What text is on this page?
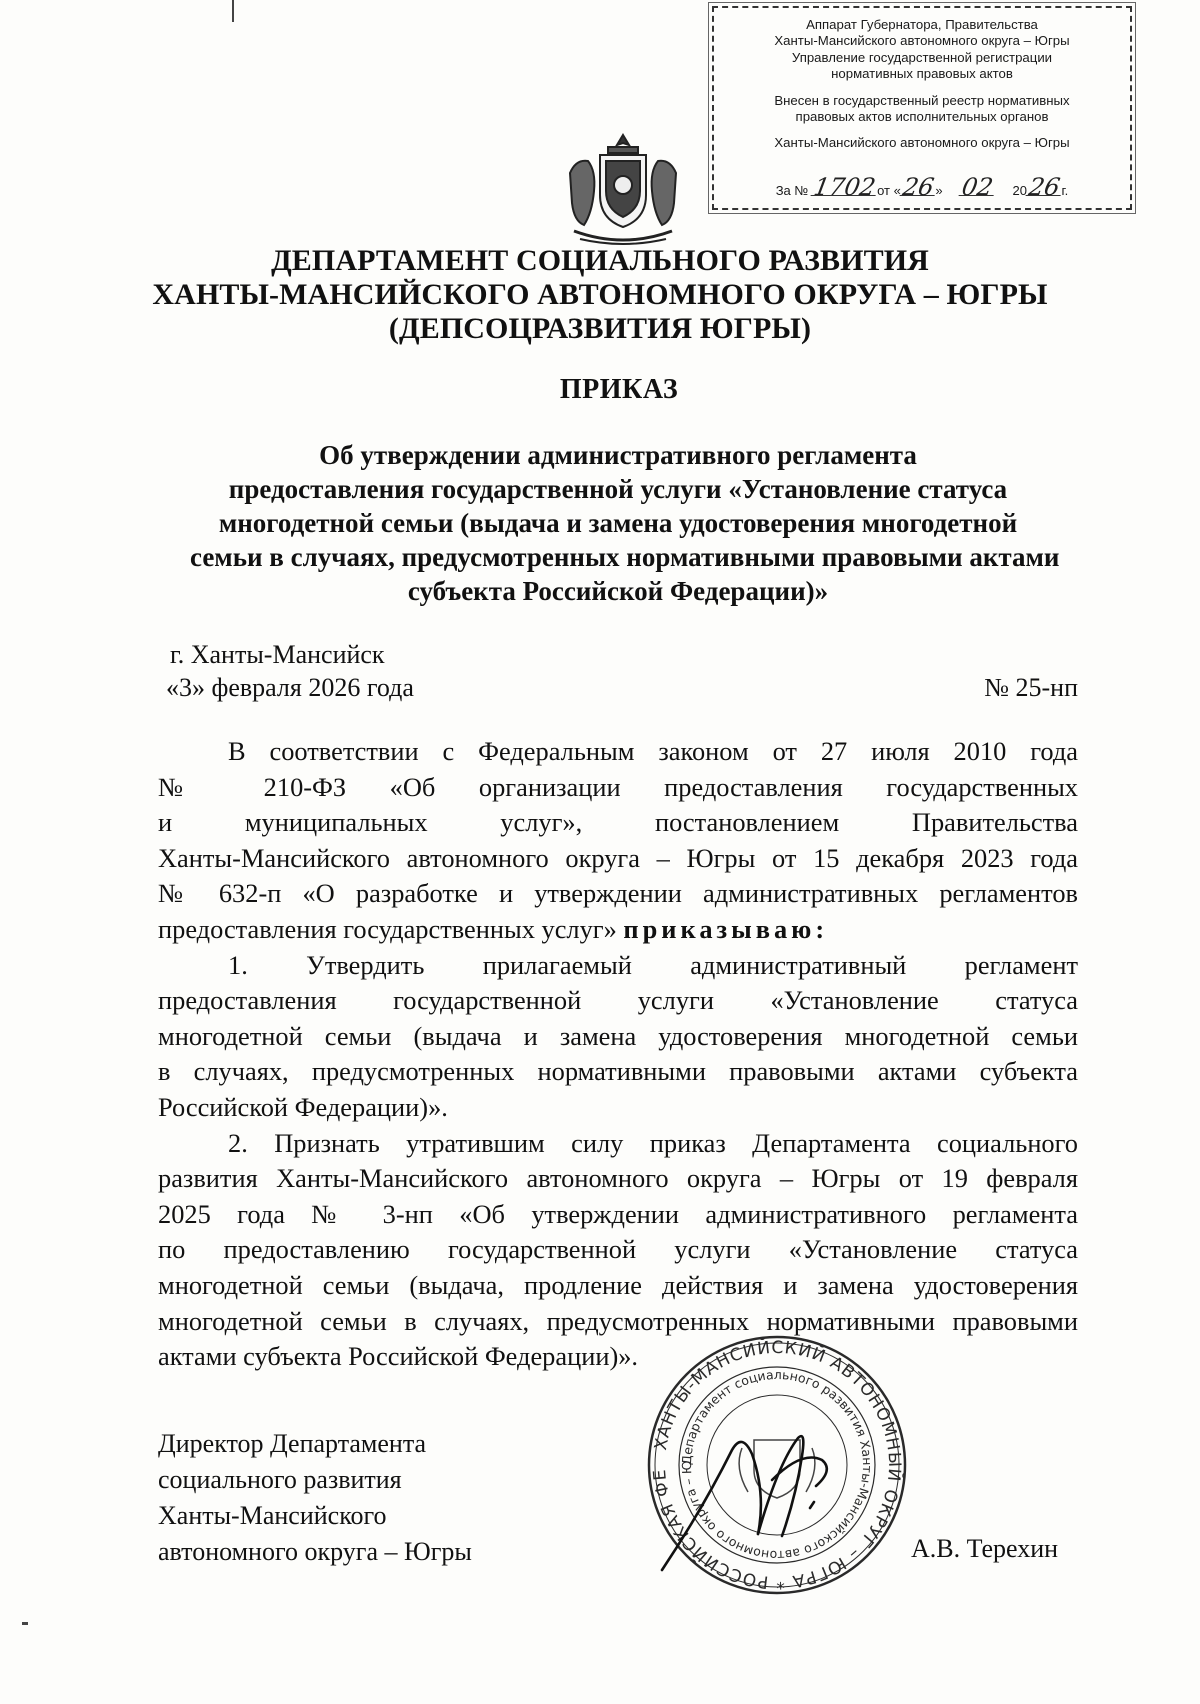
Аппарат Губернатора, Правительства
Ханты-Мансийского автономного округа – Югры
Управление государственной регистрации
нормативных правовых актов
Внесен в государственный реестр нормативных
правовых актов исполнительных органов
Ханты-Мансийского автономного округа – Югры
За № 1702от «26» 02 2026г.
ДЕПАРТАМЕНТ СОЦИАЛЬНОГО РАЗВИТИЯ
ХАНТЫ-МАНСИЙСКОГО АВТОНОМНОГО ОКРУГА – ЮГРЫ
(ДЕПСОЦРАЗВИТИЯ ЮГРЫ)
ПРИКАЗ
Об утверждении административного регламента
предоставления государственной услуги «Установление статуса
многодетной семьи (выдача и замена удостоверения многодетной
семьи в случаях, предусмотренных нормативными правовыми актами
субъекта Российской Федерации)»
г. Ханты-Мансийск
«3» февраля 2026 года	№ 25-нп
В соответствии с Федеральным законом от 27 июля 2010 года
№ 210-ФЗ «Об организации предоставления государственных
и муниципальных услуг», постановлением Правительства
Ханты-Мансийского автономного округа – Югры от 15 декабря 2023 года
№ 632-п «О разработке и утверждении административных регламентов
предоставления государственных услуг» приказываю:
1. Утвердить прилагаемый административный регламент
предоставления государственной услуги «Установление статуса
многодетной семьи (выдача и замена удостоверения многодетной семьи
в случаях, предусмотренных нормативными правовыми актами субъекта
Российской Федерации)».
2. Признать утратившим силу приказ Департамента социального
развития Ханты-Мансийского автономного округа – Югры от 19 февраля
2025 года № 3-нп «Об утверждении административного регламента
по предоставлению государственной услуги «Установление статуса
многодетной семьи (выдача, продление действия и замена удостоверения
многодетной семьи в случаях, предусмотренных нормативными правовыми
актами субъекта Российской Федерации)».
Директор Департамента
социального развития
Ханты-Мансийского
автономного округа – Югры
ХАНТЫ-МАНСИЙСКИЙ АВТОНОМНЫЙ ОКРУГ – ЮГРА * РОССИЙСКАЯ ФЕ
Департамент социального развития Ханты-Мансийского автономного округа – Ю
А.В. Терехин
